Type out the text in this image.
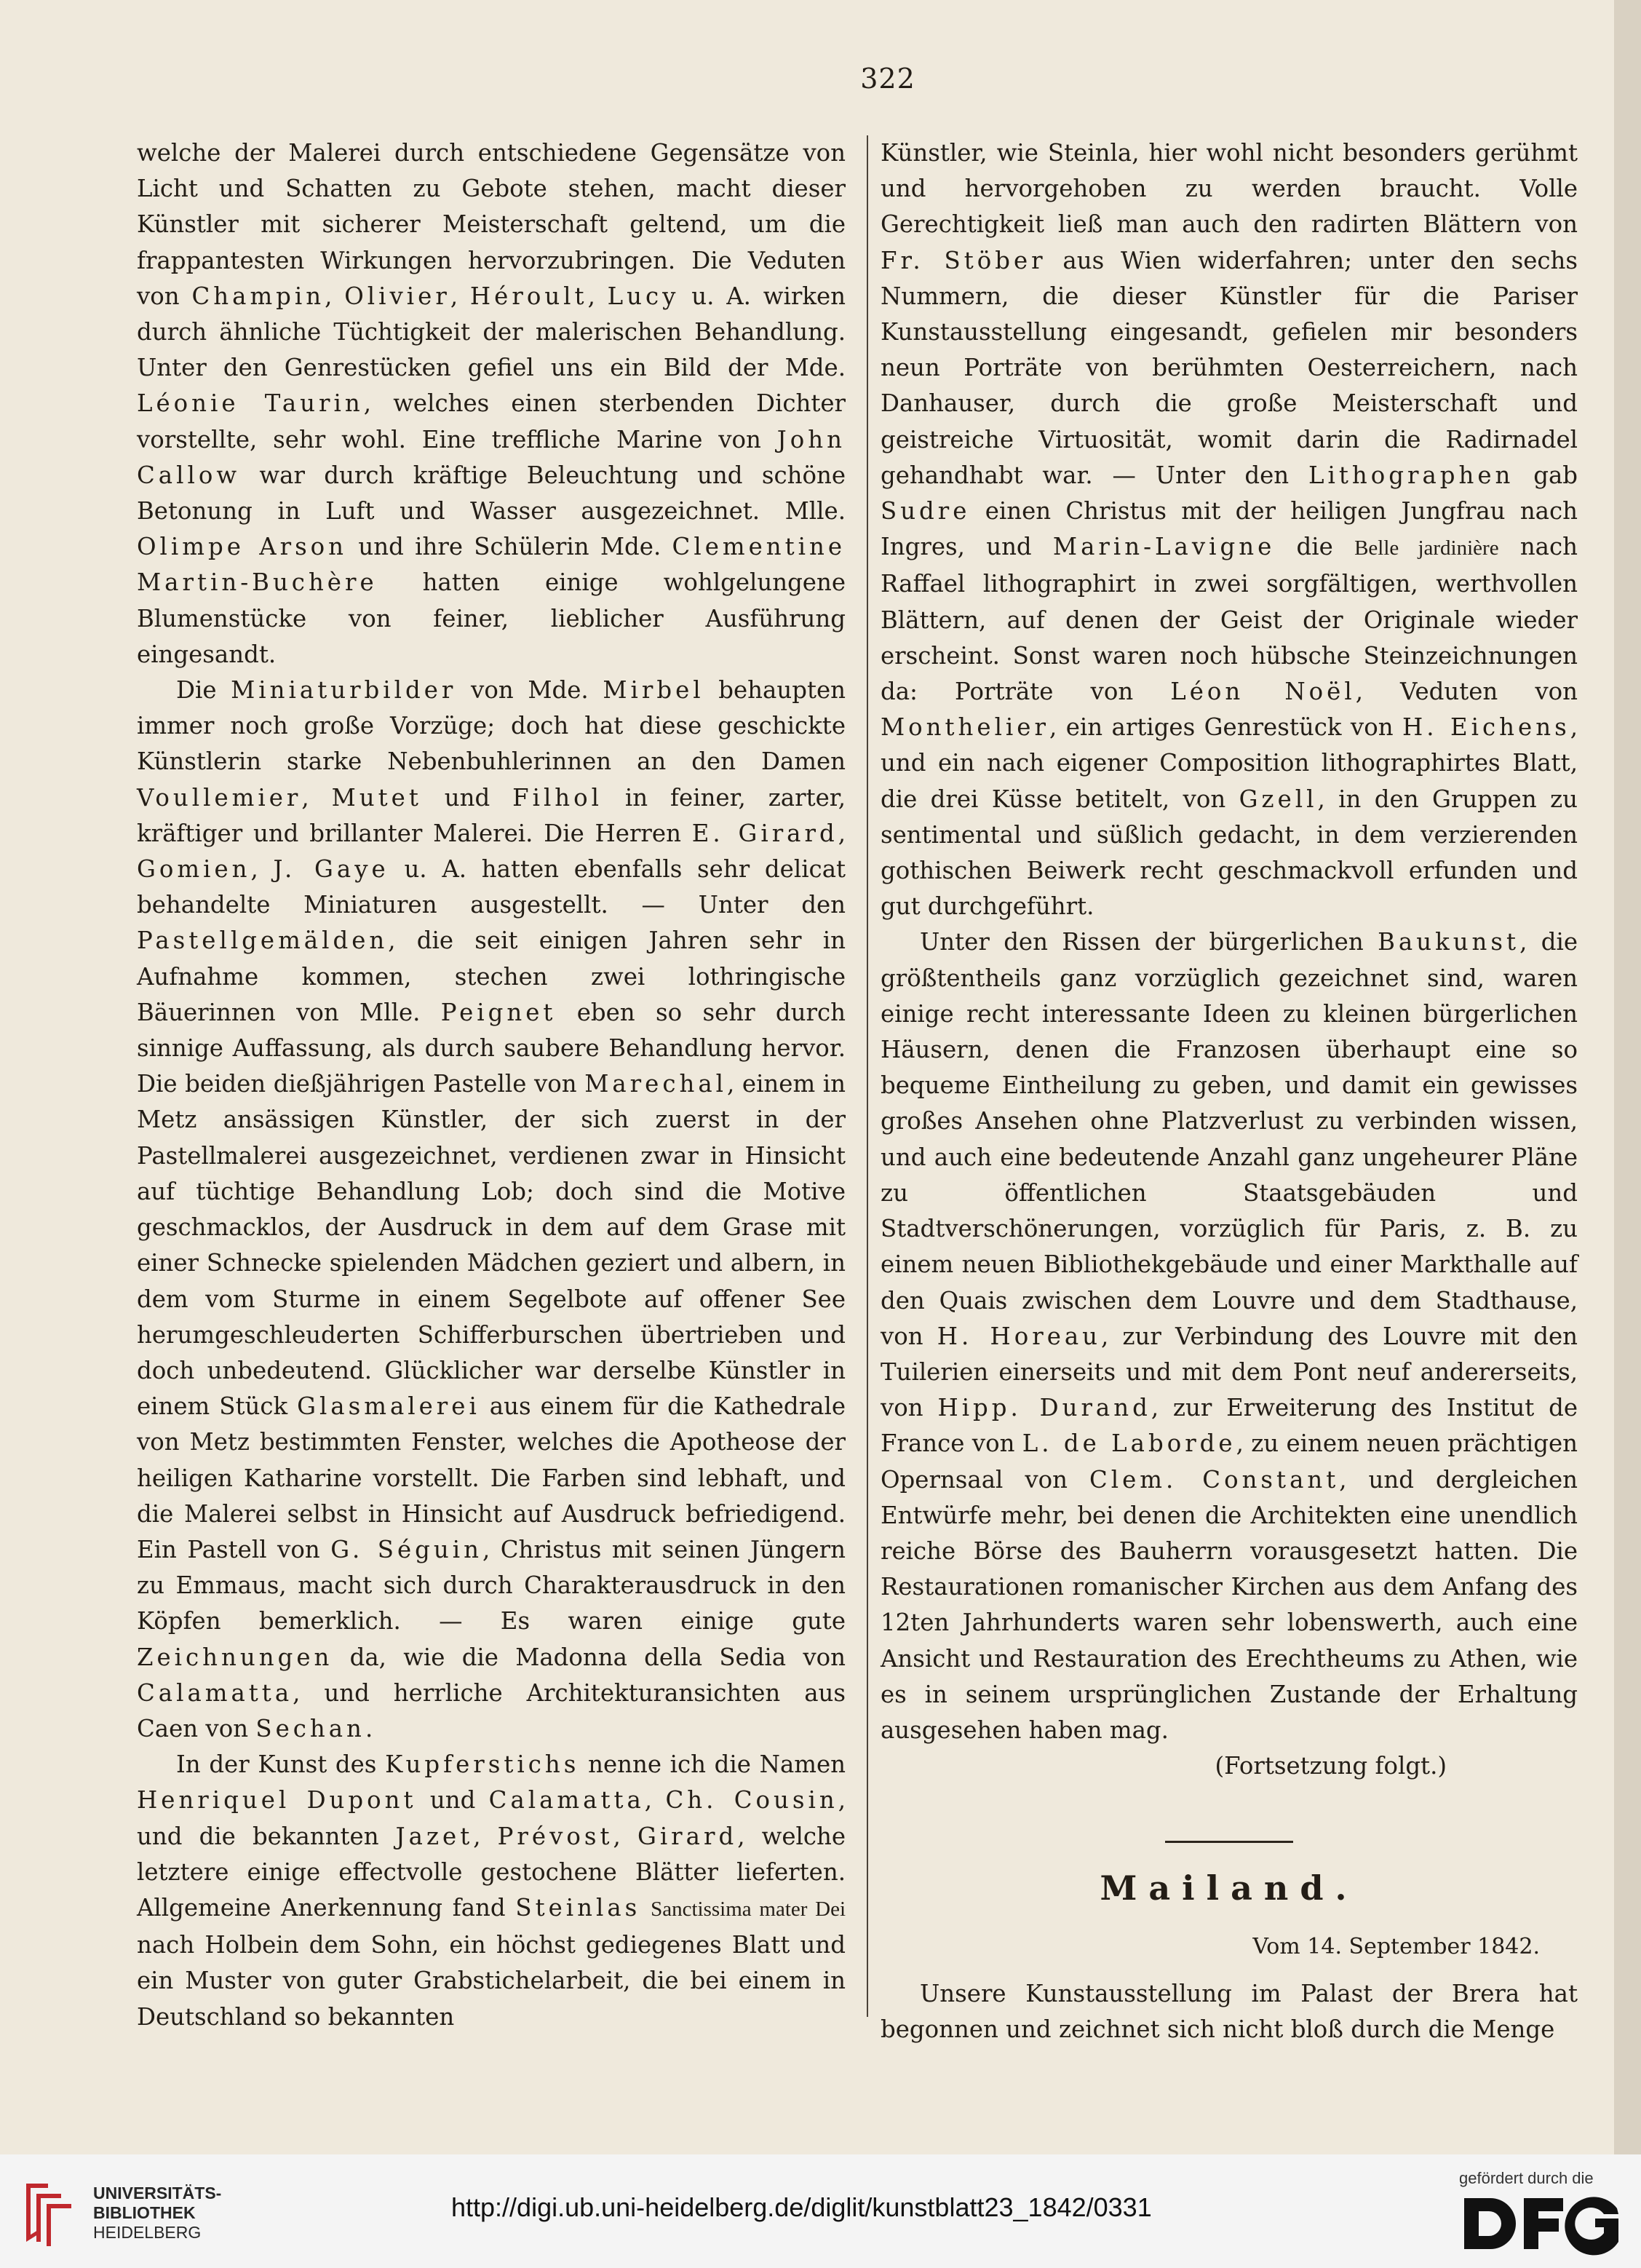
322

welche der Malerei durch entschiedene Gegensätze von Licht und Schatten zu Gebote stehen, macht dieser Künstler mit sicherer Meisterschaft geltend, um die frappantesten Wirkungen hervorzubringen. Die Veduten von Champin, Olivier, Héroult, Lucy u. A. wirken durch ähnliche Tüchtigkeit der malerischen Behandlung. Unter den Genrestücken gefiel uns ein Bild der Mde. Léonie Taurin, welches einen sterbenden Dichter vorstellte, sehr wohl. Eine treffliche Marine von John Callow war durch kräftige Beleuchtung und schöne Betonung in Luft und Wasser ausgezeichnet. Mlle. Olimpe Arson und ihre Schülerin Mde. Clementine Martin-Buchère hatten einige wohlgelungene Blumenstücke von feiner, lieblicher Ausführung eingesandt.

Die Miniaturbilder von Mde. Mirbel behaupten immer noch große Vorzüge; doch hat diese geschickte Künstlerin starke Nebenbuhlerinnen an den Damen Voullemier, Mutet und Filhol in feiner, zarter, kräftiger und brillanter Malerei. Die Herren E. Girard, Gomien, J. Gaye u. A. hatten ebenfalls sehr delicat behandelte Miniaturen ausgestellt. — Unter den Pastellgemälden, die seit einigen Jahren sehr in Aufnahme kommen, stechen zwei lothringische Bäuerinnen von Mlle. Peignet eben so sehr durch sinnige Auffassung, als durch saubere Behandlung hervor. Die beiden dießjährigen Pastelle von Marechal, einem in Metz ansässigen Künstler, der sich zuerst in der Pastellmalerei ausgezeichnet, verdienen zwar in Hinsicht auf tüchtige Behandlung Lob; doch sind die Motive geschmacklos, der Ausdruck in dem auf dem Grase mit einer Schnecke spielenden Mädchen geziert und albern, in dem vom Sturme in einem Segelbote auf offener See herumgeschleuderten Schifferburschen übertrieben und doch unbedeutend. Glücklicher war derselbe Künstler in einem Stück Glasmalerei aus einem für die Kathedrale von Metz bestimmten Fenster, welches die Apotheose der heiligen Katharine vorstellt. Die Farben sind lebhaft, und die Malerei selbst in Hinsicht auf Ausdruck befriedigend. Ein Pastell von G. Séguin, Christus mit seinen Jüngern zu Emmaus, macht sich durch Charakterausdruck in den Köpfen bemerklich. — Es waren einige gute Zeichnungen da, wie die Madonna della Sedia von Calamatta, und herrliche Architekturansichten aus Caen von Sechan.

In der Kunst des Kupferstichs nenne ich die Namen Henriquel Dupont und Calamatta, Ch. Cousin, und die bekannten Jazet, Prévost, Girard, welche letztere einige effectvolle gestochene Blätter lieferten. Allgemeine Anerkennung fand Steinlas Sanctissima mater Dei nach Holbein dem Sohn, ein höchst gediegenes Blatt und ein Muster von guter Grabstichelarbeit, die bei einem in Deutschland so bekannten

Künstler, wie Steinla, hier wohl nicht besonders gerühmt und hervorgehoben zu werden braucht. Volle Gerechtigkeit ließ man auch den radirten Blättern von Fr. Stöber aus Wien widerfahren; unter den sechs Nummern, die dieser Künstler für die Pariser Kunstausstellung eingesandt, gefielen mir besonders neun Porträte von berühmten Oesterreichern, nach Danhauser, durch die große Meisterschaft und geistreiche Virtuosität, womit darin die Radirnadel gehandhabt war. — Unter den Lithographen gab Sudre einen Christus mit der heiligen Jungfrau nach Ingres, und Marin-Lavigne die Belle jardinière nach Raffael lithographirt in zwei sorgfältigen, werthvollen Blättern, auf denen der Geist der Originale wieder erscheint. Sonst waren noch hübsche Steinzeichnungen da: Porträte von Léon Noël, Veduten von Monthelier, ein artiges Genrestück von H. Eichens, und ein nach eigener Composition lithographirtes Blatt, die drei Küsse betitelt, von Gzell, in den Gruppen zu sentimental und süßlich gedacht, in dem verzierenden gothischen Beiwerk recht geschmackvoll erfunden und gut durchgeführt.

Unter den Rissen der bürgerlichen Baukunst, die größtentheils ganz vorzüglich gezeichnet sind, waren einige recht interessante Ideen zu kleinen bürgerlichen Häusern, denen die Franzosen überhaupt eine so bequeme Eintheilung zu geben, und damit ein gewisses großes Ansehen ohne Platzverlust zu verbinden wissen, und auch eine bedeutende Anzahl ganz ungeheurer Pläne zu öffentlichen Staatsgebäuden und Stadtverschönerungen, vorzüglich für Paris, z. B. zu einem neuen Bibliothekgebäude und einer Markthalle auf den Quais zwischen dem Louvre und dem Stadthause, von H. Horeau, zur Verbindung des Louvre mit den Tuilerien einerseits und mit dem Pont neuf andererseits, von Hipp. Durand, zur Erweiterung des Institut de France von L. de Laborde, zu einem neuen prächtigen Opernsaal von Clem. Constant, und dergleichen Entwürfe mehr, bei denen die Architekten eine unendlich reiche Börse des Bauherrn vorausgesetzt hatten. Die Restaurationen romanischer Kirchen aus dem Anfang des 12ten Jahrhunderts waren sehr lobenswerth, auch eine Ansicht und Restauration des Erechtheums zu Athen, wie es in seinem ursprünglichen Zustande der Erhaltung ausgesehen haben mag.

(Fortsetzung folgt.)

Mailand.
Vom 14. September 1842.

Unsere Kunstausstellung im Palast der Brera hat begonnen und zeichnet sich nicht bloß durch die Menge

UNIVERSITÄTS-
BIBLIOTHEK
HEIDELBERG
http://digi.ub.uni-heidelberg.de/diglit/kunstblatt23_1842/0331
gefördert durch die
DFG
